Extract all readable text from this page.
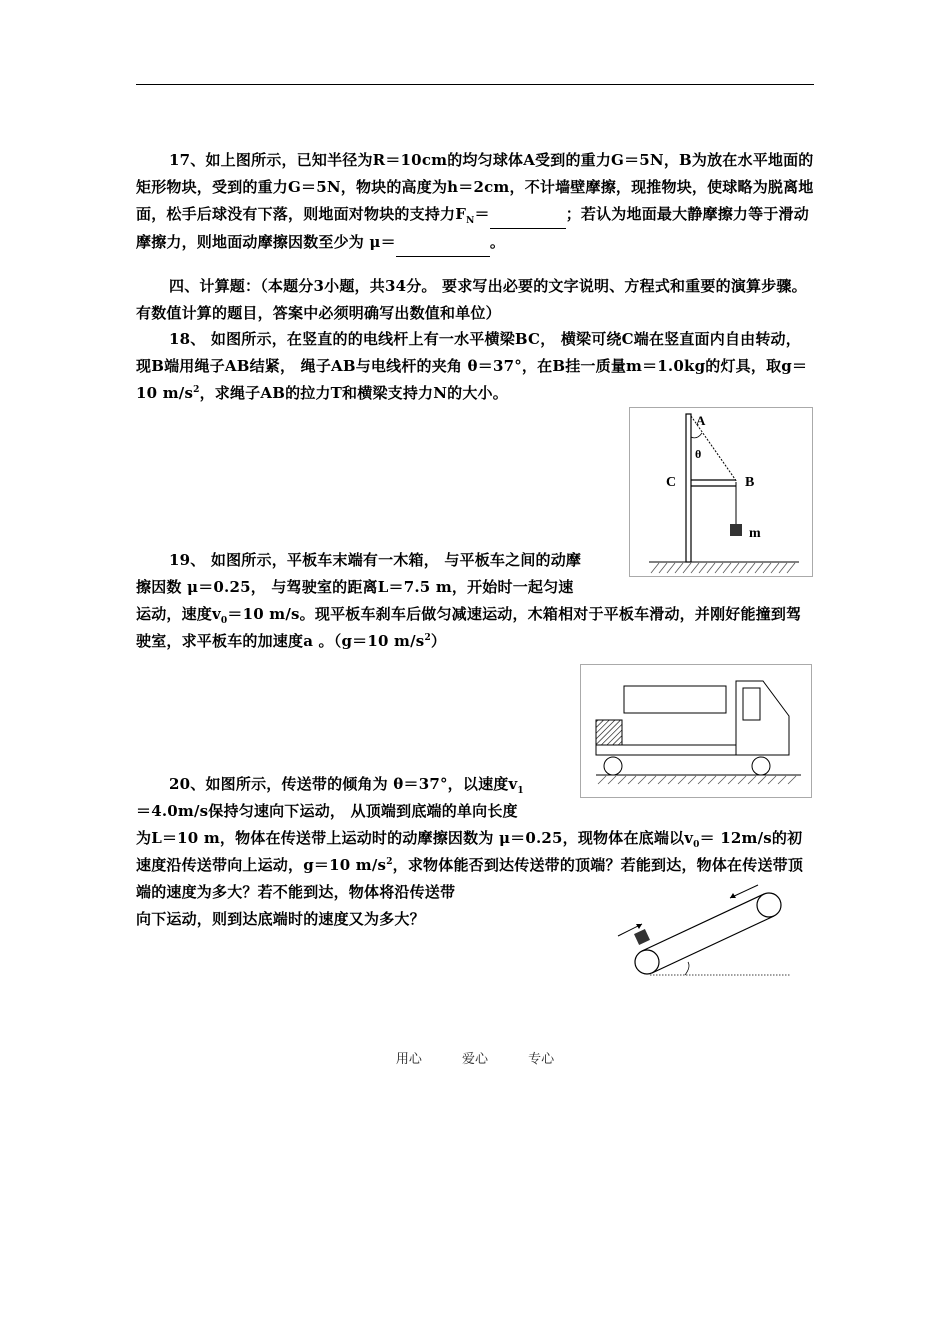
17、如上图所示，已知半径为R＝10cm的均匀球体A受到的重力G＝5N，B为放在水平地面的矩形物块，受到的重力G＝5N，物块的高度为h＝2cm，不计墙壁摩擦，现推物块，使球略为脱离地面，松手后球没有下落，则地面对物块的支持力$F_N=$	；若认为地面最大静摩擦力等于滑动摩擦力，则地面动摩擦因数至少为 μ＝	。
四、计算题：（本题分3小题，共34分。 要求写出必要的文字说明、方程式和重要的演算步骤。有数值计算的题目，答案中必须明确写出数值和单位）
18、 如图所示，在竖直的的电线杆上有一水平横梁BC， 横梁可绕C端在竖直面内自由转动，现B端用绳子AB结紧， 绳子AB与电线杆的夹角 θ＝37°，在B挂一质量m＝1.0kg的灯具，取g＝10 $m/s^2$，求绳子AB的拉力T和横梁支持力N的大小。
A
θ
C	B
m
19、 如图所示，平板车末端有一木箱， 与平板车之间的动摩
擦因数 μ＝0.25， 与驾驶室的距离L＝7.5 m，开始时一起匀速
运动，速度$v_0=10$ m/s。现平板车刹车后做匀减速运动，木箱相对于平板车滑动，并刚好能撞到驾驶室，求平板车的加速度a 。（g＝10 $m/s^2$）
20、如图所示，传送带的倾角为 θ＝37°，以速度$v_1$
＝4.0m/s保持匀速向下运动， 从顶端到底端的单向长度
为L＝10 m，物体在传送带上运动时的动摩擦因数为 μ＝0.25，现物体在底端以$v_0= 12m/s$的初速度沿传送带向上运动，g＝10 $m/s^2$，求物体能否到达传送带的顶端？若能到达，物体在传送带顶端的速度为多大？若不能到达，物体将沿传送带
向下运动，则到达底端时的速度又为多大？
用心	爱心	专心
